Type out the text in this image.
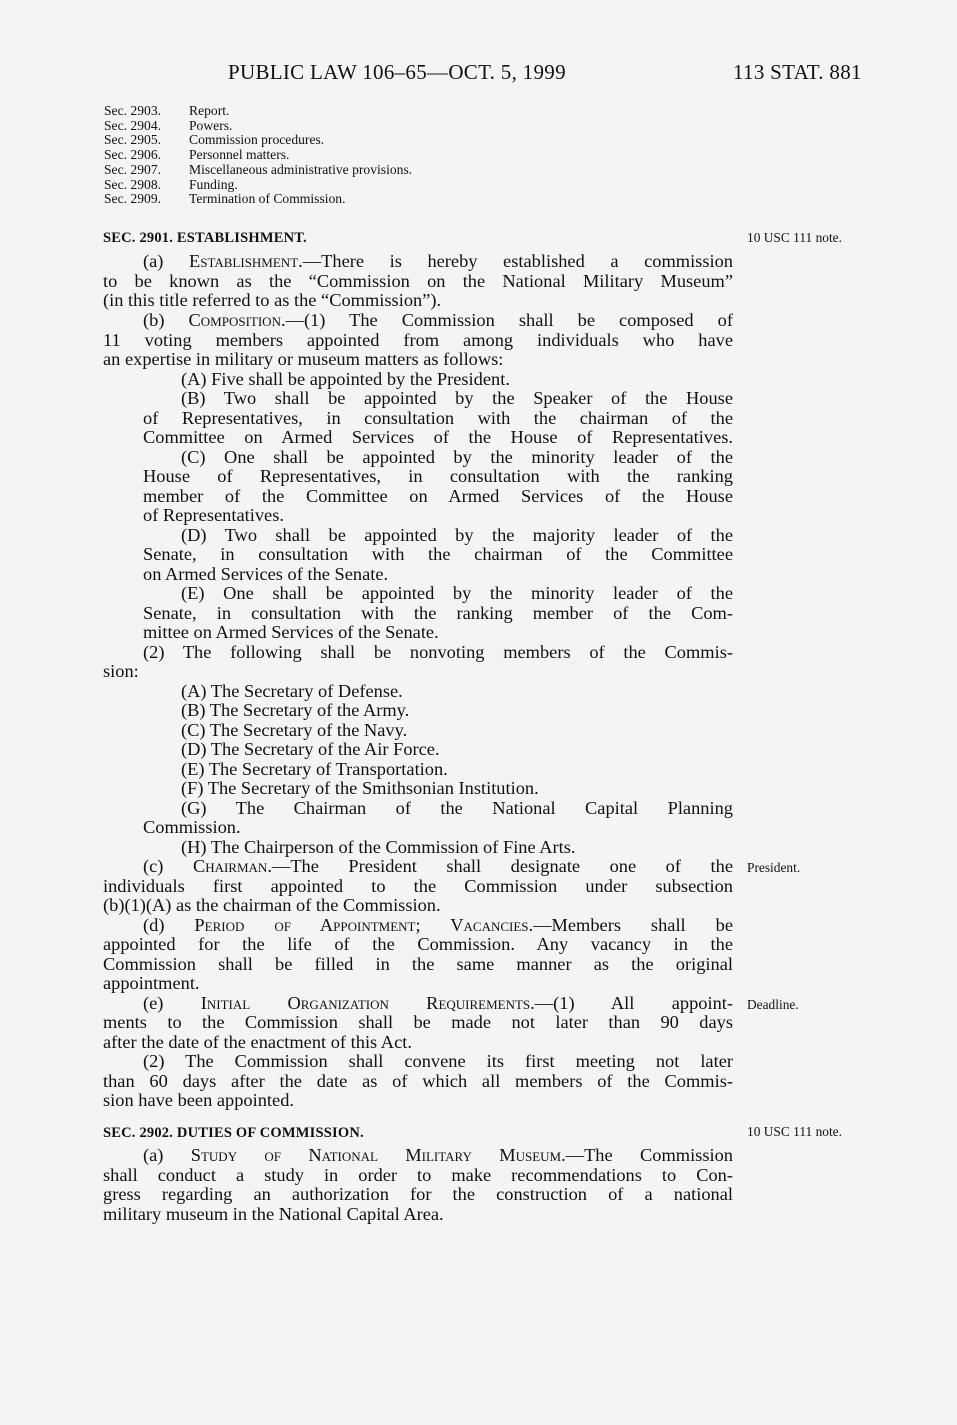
PUBLIC LAW 106–65—OCT. 5, 1999	113 STAT. 881
Sec. 2903. Report.
Sec. 2904. Powers.
Sec. 2905. Commission procedures.
Sec. 2906. Personnel matters.
Sec. 2907. Miscellaneous administrative provisions.
Sec. 2908. Funding.
Sec. 2909. Termination of Commission.
10 USC 111 note.
President.
Deadline.
10 USC 111 note.
SEC. 2901. ESTABLISHMENT.
(a) Establishment.—There is hereby established a commission
to be known as the “Commission on the National Military Museum”
(in this title referred to as the “Commission”).
(b) Composition.—(1) The Commission shall be composed of
11 voting members appointed from among individuals who have
an expertise in military or museum matters as follows:
(A) Five shall be appointed by the President.
(B) Two shall be appointed by the Speaker of the House
of Representatives, in consultation with the chairman of the
Committee on Armed Services of the House of Representatives.
(C) One shall be appointed by the minority leader of the
House of Representatives, in consultation with the ranking
member of the Committee on Armed Services of the House
of Representatives.
(D) Two shall be appointed by the majority leader of the
Senate, in consultation with the chairman of the Committee
on Armed Services of the Senate.
(E) One shall be appointed by the minority leader of the
Senate, in consultation with the ranking member of the Com-
mittee on Armed Services of the Senate.
(2) The following shall be nonvoting members of the Commis-
sion:
(A) The Secretary of Defense.
(B) The Secretary of the Army.
(C) The Secretary of the Navy.
(D) The Secretary of the Air Force.
(E) The Secretary of Transportation.
(F) The Secretary of the Smithsonian Institution.
(G) The Chairman of the National Capital Planning
Commission.
(H) The Chairperson of the Commission of Fine Arts.
(c) Chairman.—The President shall designate one of the
individuals first appointed to the Commission under subsection
(b)(1)(A) as the chairman of the Commission.
(d) Period of Appointment; Vacancies.—Members shall be
appointed for the life of the Commission. Any vacancy in the
Commission shall be filled in the same manner as the original
appointment.
(e) Initial Organization Requirements.—(1) All appoint-
ments to the Commission shall be made not later than 90 days
after the date of the enactment of this Act.
(2) The Commission shall convene its first meeting not later
than 60 days after the date as of which all members of the Commis-
sion have been appointed.
SEC. 2902. DUTIES OF COMMISSION.
(a) Study of National Military Museum.—The Commission
shall conduct a study in order to make recommendations to Con-
gress regarding an authorization for the construction of a national
military museum in the National Capital Area.
